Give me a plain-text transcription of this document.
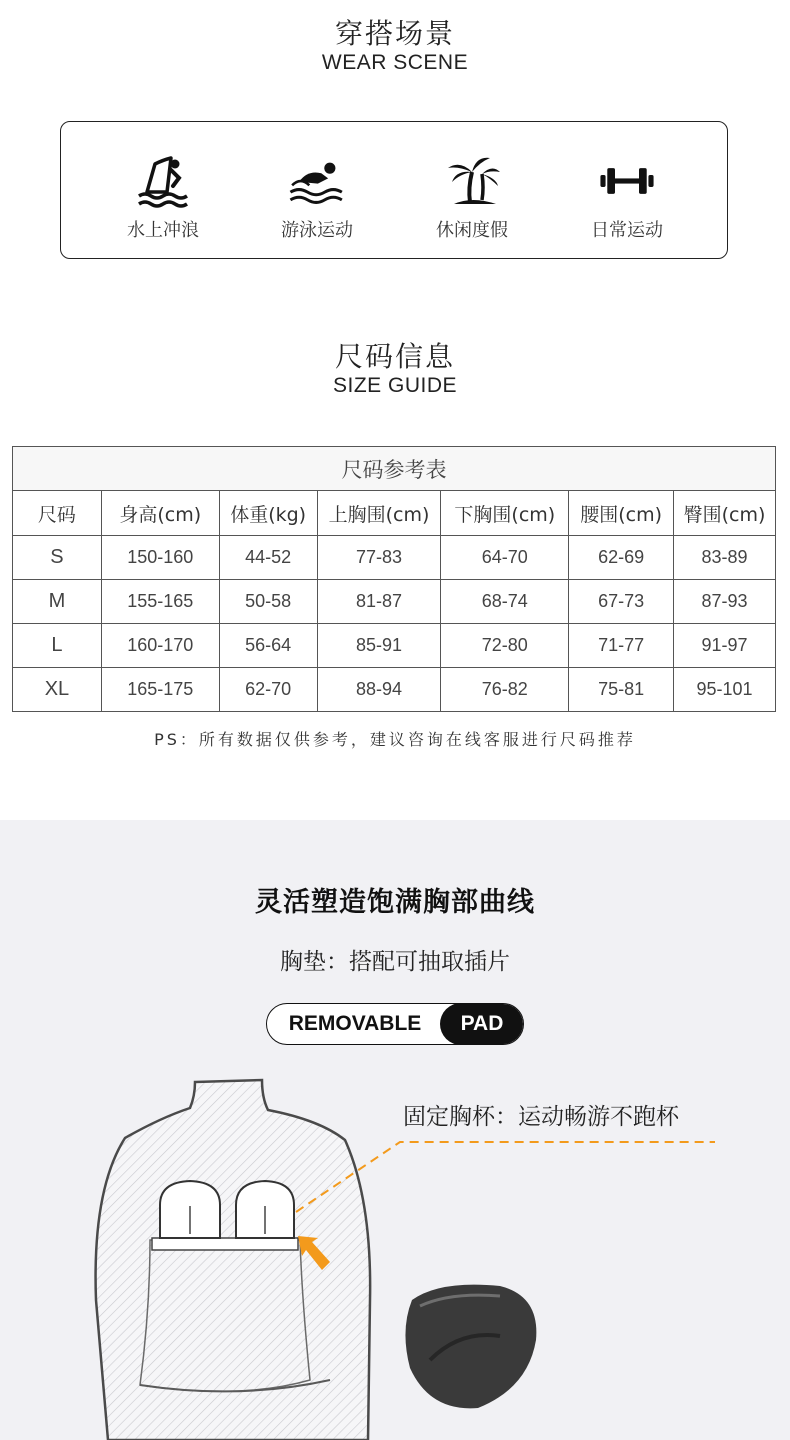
穿搭场景
WEAR SCENE
水上冲浪	游泳运动	休闲度假	日常运动
尺码信息
SIZE GUIDE
尺码参考表						
尺码	身高(cm)	体重(kg)	上胸围(cm)	下胸围(cm)	腰围(cm)	臀围(cm)
S	150-160	44-52	77-83	64-70	62-69	83-89
M	155-165	50-58	81-87	68-74	67-73	87-93
L	160-170	56-64	85-91	72-80	71-77	91-97
XL	165-175	62-70	88-94	76-82	75-81	95-101
PS：所有数据仅供参考，建议咨询在线客服进行尺码推荐
灵活塑造饱满胸部曲线
胸垫：搭配可抽取插片
REMOVABLE	PAD
固定胸杯：运动畅游不跑杯
